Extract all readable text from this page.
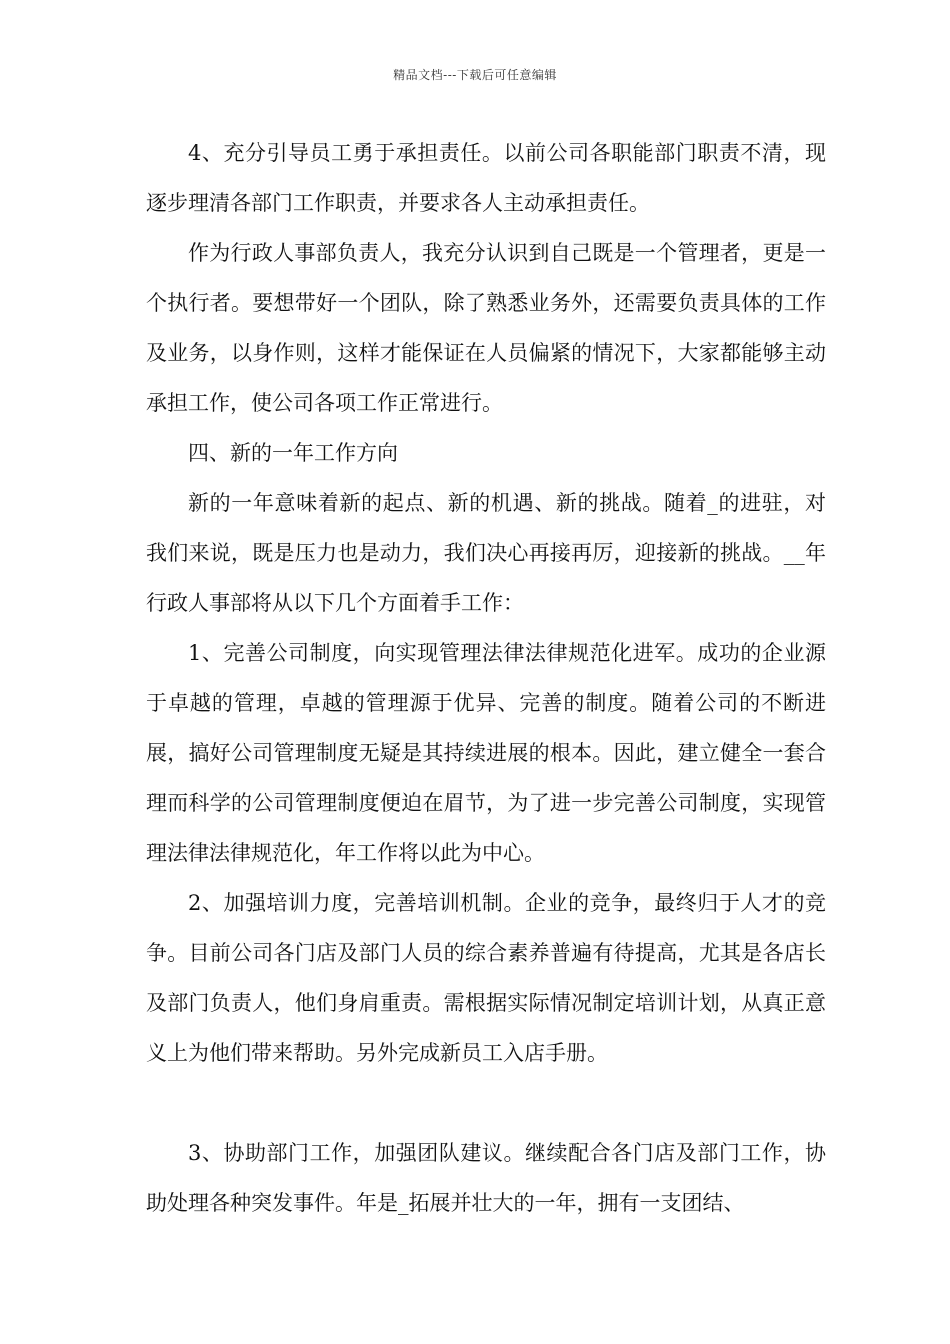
精品文档---下载后可任意编辑

4、充分引导员工勇于承担责任。以前公司各职能部门职责不清，现逐步理清各部门工作职责，并要求各人主动承担责任。

作为行政人事部负责人，我充分认识到自己既是一个管理者，更是一个执行者。要想带好一个团队，除了熟悉业务外，还需要负责具体的工作及业务，以身作则，这样才能保证在人员偏紧的情况下，大家都能够主动承担工作，使公司各项工作正常进行。

四、新的一年工作方向

新的一年意味着新的起点、新的机遇、新的挑战。随着_的进驻，对我们来说，既是压力也是动力，我们决心再接再厉，迎接新的挑战。__年行政人事部将从以下几个方面着手工作：

1、完善公司制度，向实现管理法律法律规范化进军。成功的企业源于卓越的管理，卓越的管理源于优异、完善的制度。随着公司的不断进展，搞好公司管理制度无疑是其持续进展的根本。因此，建立健全一套合理而科学的公司管理制度便迫在眉节，为了进一步完善公司制度，实现管理法律法律规范化，年工作将以此为中心。

2、加强培训力度，完善培训机制。企业的竞争，最终归于人才的竞争。目前公司各门店及部门人员的综合素养普遍有待提高，尤其是各店长及部门负责人，他们身肩重责。需根据实际情况制定培训计划，从真正意义上为他们带来帮助。另外完成新员工入店手册。

3、协助部门工作，加强团队建议。继续配合各门店及部门工作，协助处理各种突发事件。年是_拓展并壮大的一年，拥有一支团结、
